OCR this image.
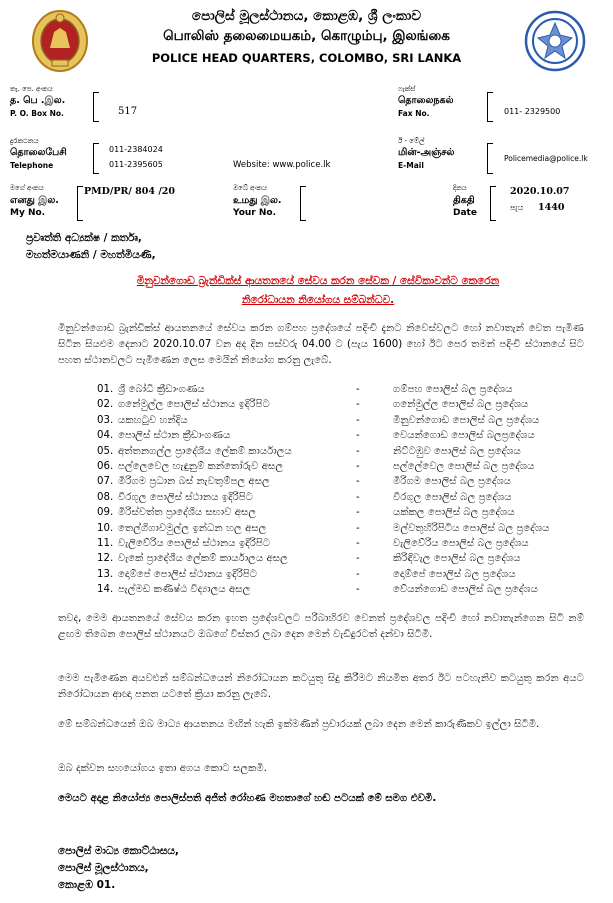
පොලිස් මූලස්ථානය, කොළඹ, ශ්‍රී ලංකාව
பொலிஸ் தலைமையகம், கொழும்பு, இலங்கை
POLICE HEAD QUARTERS, COLOMBO, SRI LANKA
තැ. පෙ. අංකය
த. பெ .இல.
P. O. Box No.	517
දුරකථනය
தொலைபேசி
Telephone
011-2384024
011-2395605	Website: www.police.lk
ෆැක්ස්
தொலைநகல்
Fax No.	011- 2329500
ඊ - මේල්
மின்-அஞ்சல்
E-Mail
Policemedia@police.lk
මගේ අංකය
எனது இல.
My No.
PMD/PR/ 804 /20	ඔබේ අංකය
உமது இல.
Your No.
දිනය
திகதி
Date
2020.10.07
පැය 1440
ප්‍රවෘත්ති අධ්‍යක්ෂ / කර්තෘ,
මහත්මයාණනි / මහත්මියණි,
මිනුවන්ගොඩ බ්‍රැන්ඩික්ස් ආයතනයේ සේවය කරන සේවක / සේවිකාවන්ට කෙරෙන
නිරෝධායන නියෝගය සම්බන්ධව.
මිනුවන්ගොඩ බ්‍රැන්ඩික්ස් ආයතනයේ සේවය කරන ගම්පහ ප්‍රදේශයේ පදිංචි දැනට නිවෙස්වලට හෝ නවාතැන් වෙත පැමිණ සිටින සියළුම දෙනාට 2020.10.07 වන අද දින පස්වරු 04.00 ට (පැය 1600) හෝ ඊට පෙර තමන් පදිංචි ස්ථානයේ සිට පහත ස්ථානවලට පැමිණෙන ලෙස මෙයින් නියෝග කරනු ලැබේ.
01. ශ්‍රී බෝධි ක්‍රීඩාංගණය	-	ගම්පහ පොලිස් බල ප්‍රදේශය
02. ගනේමුල්ල පොලිස් ස්ථානය ඉදිරිපිට	-	ගනේමුල්ල පොලිස් බල ප්‍රදේශය
03. යකහටුව හන්දිය	-	මිනුවන්ගොඩ පොලිස් බල ප්‍රදේශය
04. පොලිස් ස්ථාන ක්‍රීඩාංගණය	-	වෙයන්ගොඩ පොලිස් බලප්‍රදේශය
05. අත්තනගල්ල ප්‍රාදේශීය ලේකම් කාර්යාලය	-	නිට්ටඹුව පොලිස් බල ප්‍රදේශය
06. පල්ලෙවෙල හැඳුනුම් කන්තෝරුව අසල	-	පල්ලේවෙල පොලිස් බල ප්‍රදේශය
07. මීරිගම ප්‍රධාන බස් නැවතුම්පල අසල	-	මීරිගම පොලිස් බල ප්‍රදේශය
08. වීරගුල පොලිස් ස්ථානය ඉදිරිපිට	-	වීරගුල පොලිස් බල ප්‍රදේශය
09. මිරිස්වත්ත ප්‍රාදේශීය සභාව අසල	-	යක්කල පොලිස් බල ප්‍රදේශය
10. තෙල්ගිගාවමුල්ල ඉන්ධන හල අසල	-	මල්වතුහිරිපිටිය පොලිස් බල ප්‍රදේශය
11. වැලිවේරිය පොලිස් ස්ථානය ඉදිරිපිට	-	වැලිවේරිය පොලිස් බල ප්‍රදේශය
12. වැකේ ප්‍රාදේශීය ලේකම් කාර්යාලය අසල	-	කිරිඳිවැල පොලිස් බල ප්‍රදේශය
13. දොම්පේ පොලිස් ස්ථානය ඉදිරිපිට	-	දොම්පේ පොලිස් බල ප්‍රදේශය
14. පැල්මඩ කණිෂ්ඨ විද්‍යාලය අසල	-	වේයන්ගොඩ පොලිස් බල ප්‍රදේශය
තවද, මෙම ආයතනයේ සේවය කරන ඉහත ප්‍රදේශවලට පරිබාහිරව වෙනත් ප්‍රදේශවල පදිංචි හෝ නවාතැන්ගෙන සිටි නම් ළඟම තිබෙන පොලිස් ස්ථානයට ඔබගේ විස්තර ලබා දෙන මෙන් වැඩිදුරටත් දන්වා සිටිමි.
මෙම පැමිණෙන අයවළුන් සම්බන්ධයෙන් නිරෝධායන කටයුතු සිදු කිරීමට නියමිත අතර ඊට පටහැනිව කටයුතු කරන අයට නිරෝධායන ආඥා පනත යටතේ ක්‍රියා කරනු ලැබේ.
මේ සම්බන්ධයෙන් ඔබ මාධ්‍ය ආයතනය මඟින් හැකි ඉක්මණින් ප්‍රචාරයක් ලබා දෙන මෙන් කාරුණිකව ඉල්ලා සිටිමි.
ඔබ දක්වන සහයෝගය ඉතා අගය කොට සලකමි.
මෙයට අදාළ නියෝජ්‍ය පොලිස්පති අජිත් රෝහණ මහතාගේ හඬ පටයක් මේ සමග එවමි.
පොලිස් මාධ්‍ය කොට්ඨාසය,
පොලිස් මූලස්ථානය,
කොළඹ 01.
